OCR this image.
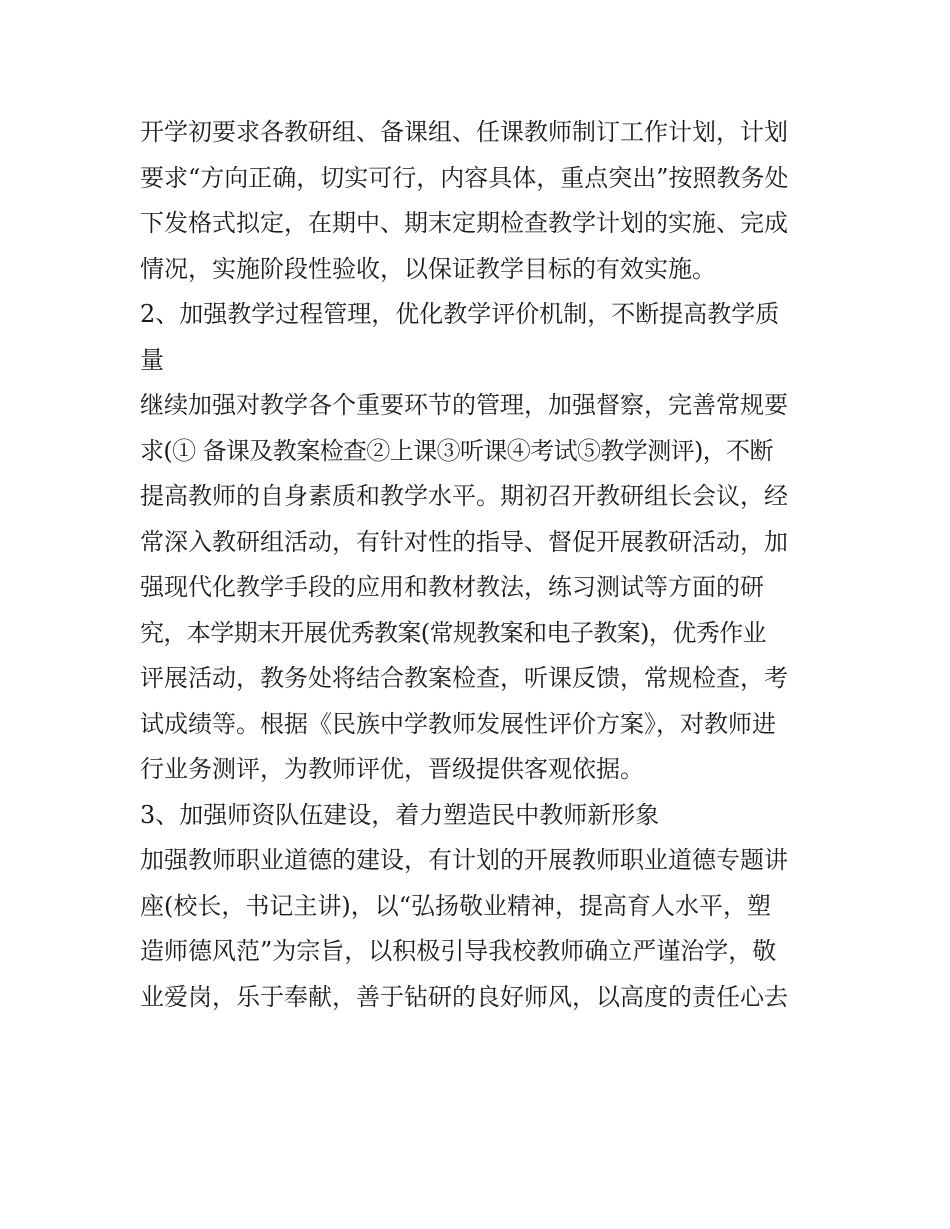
开学初要求各教研组、备课组、任课教师制订工作计划，计划
要求“方向正确，切实可行，内容具体，重点突出”按照教务处
下发格式拟定，在期中、期末定期检查教学计划的实施、完成
情况，实施阶段性验收，以保证教学目标的有效实施。
2、加强教学过程管理，优化教学评价机制，不断提高教学质
量
继续加强对教学各个重要环节的管理，加强督察，完善常规要
求(① 备课及教案检查②上课③听课④考试⑤教学测评)，不断
提高教师的自身素质和教学水平。期初召开教研组长会议，经
常深入教研组活动，有针对性的指导、督促开展教研活动，加
强现代化教学手段的应用和教材教法，练习测试等方面的研
究，本学期末开展优秀教案(常规教案和电子教案)，优秀作业
评展活动，教务处将结合教案检查，听课反馈，常规检查，考
试成绩等。根据《民族中学教师发展性评价方案》，对教师进
行业务测评，为教师评优，晋级提供客观依据。
3、加强师资队伍建设，着力塑造民中教师新形象
加强教师职业道德的建设，有计划的开展教师职业道德专题讲
座(校长，书记主讲)，以“弘扬敬业精神，提高育人水平，塑
造师德风范”为宗旨，以积极引导我校教师确立严谨治学，敬
业爱岗，乐于奉献，善于钻研的良好师风，以高度的责任心去
